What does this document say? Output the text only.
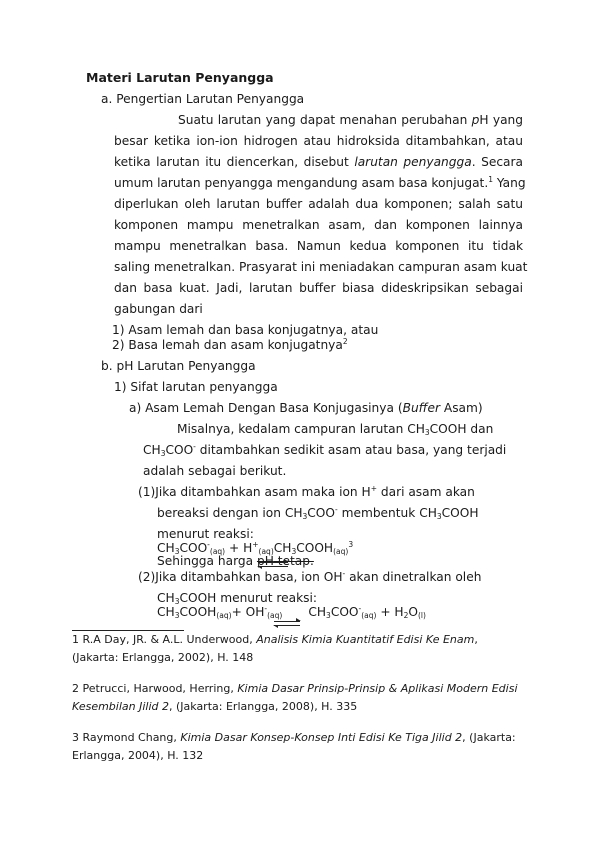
Materi Larutan Penyangga
a. Pengertian Larutan Penyangga
Suatu larutan yang dapat menahan perubahan pH yang
besar ketika ion-ion hidrogen atau hidroksida ditambahkan, atau
ketika larutan itu diencerkan, disebut larutan penyangga. Secara
umum larutan penyangga mengandung asam basa konjugat.$^1$ Yang
diperlukan oleh larutan buffer adalah dua komponen; salah satu
komponen mampu menetralkan asam, dan komponen lainnya
mampu menetralkan basa. Namun kedua komponen itu tidak
saling menetralkan. Prasyarat ini meniadakan campuran asam kuat
dan basa kuat. Jadi, larutan buffer biasa dideskripsikan sebagai
gabungan dari
1) Asam lemah dan basa konjugatnya, atau
2) Basa lemah dan asam konjugatnya$^2$
b. pH Larutan Penyangga
1) Sifat larutan penyangga
a) Asam Lemah Dengan Basa Konjugasinya (Buffer Asam)
Misalnya, kedalam campuran larutan $CH_3COOH$ dan
$CH_3COO^-$ ditambahkan sedikit asam atau basa, yang terjadi
adalah sebagai berikut.
(1)Jika ditambahkan asam maka ion H+ dari asam akan
bereaksi dengan ion $CH_3COO^-$ membentuk $CH_3COOH$
menurut reaksi:
$CH_3COO^-_{(aq)}$ + $H^+_{(aq)}CH_3COOH_{(aq)}^3$
Sehingga harga pH tetap.
(2)Jika ditambahkan basa, ion OH- akan dinetralkan oleh
$CH_3COOH$ menurut reaksi:
$CH_3COOH_{(aq)}+ OH^-_{(aq)}$ $CH_3COO^-_{(aq)} + H_2O_{(l)}$
1 R.A Day, JR. & A.L. Underwood, Analisis Kimia Kuantitatif Edisi Ke Enam,
(Jakarta: Erlangga, 2002), H. 148
2 Petrucci, Harwood, Herring, Kimia Dasar Prinsip-Prinsip & Aplikasi Modern Edisi
Kesembilan Jilid 2, (Jakarta: Erlangga, 2008), H. 335
3 Raymond Chang, Kimia Dasar Konsep-Konsep Inti Edisi Ke Tiga Jilid 2, (Jakarta:
Erlangga, 2004), H. 132
